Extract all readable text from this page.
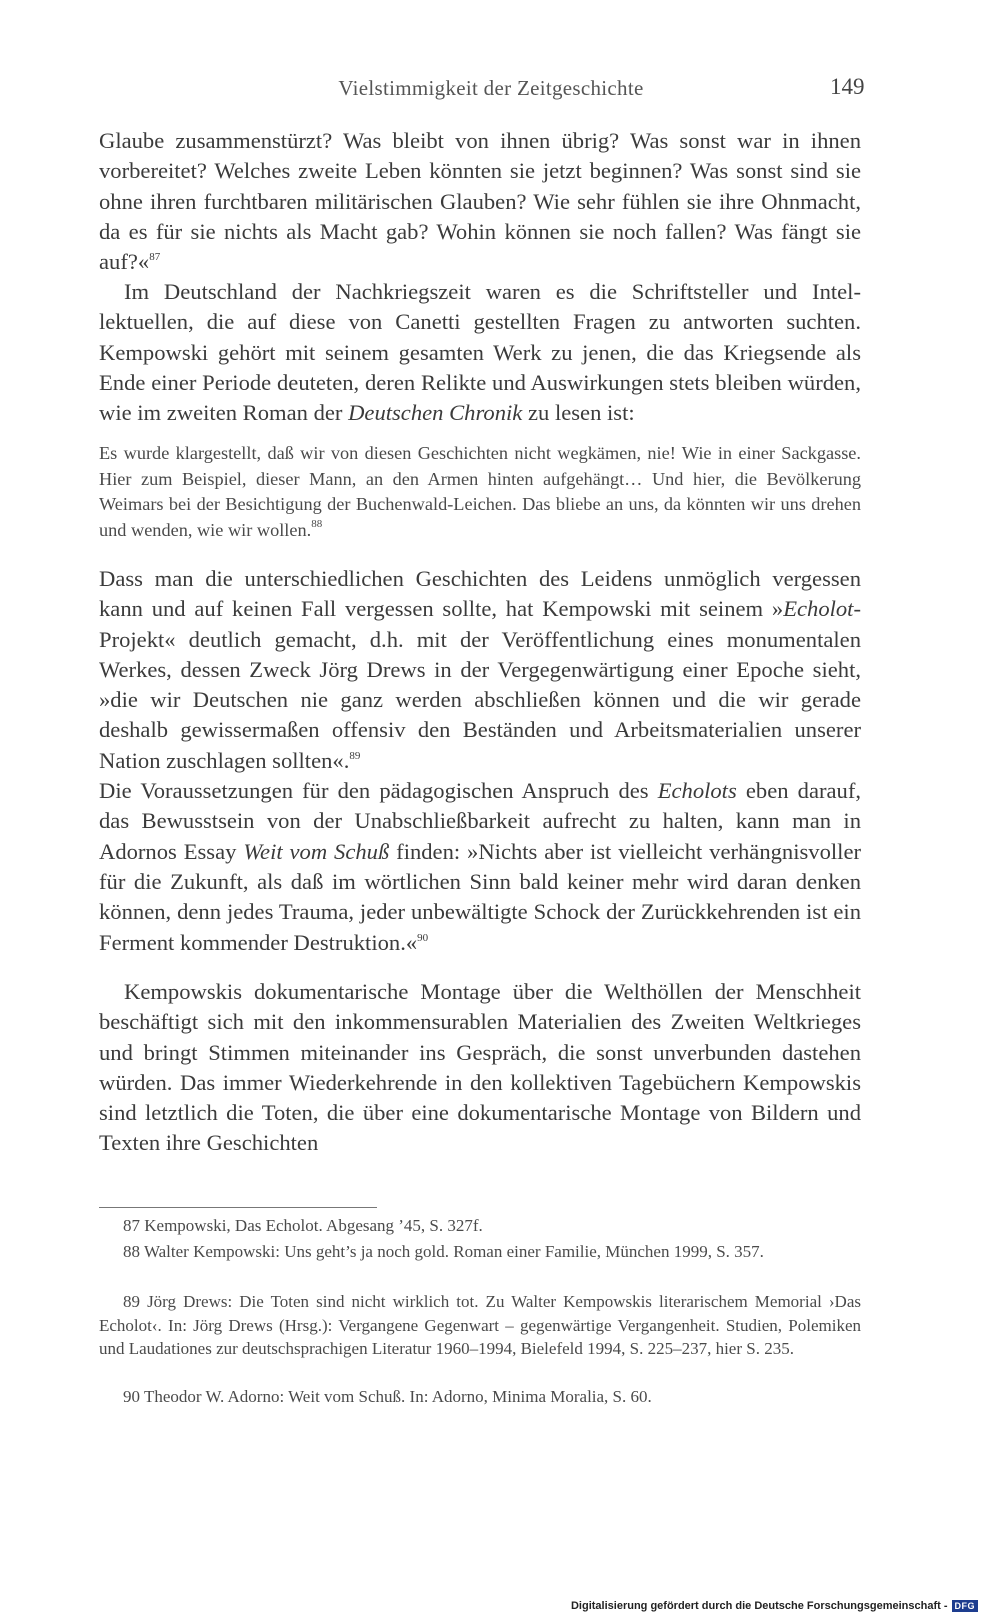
Vielstimmigkeit der Zeitgeschichte	149

Glaube zusammenstürzt? Was bleibt von ihnen übrig? Was sonst war in ihnen vorbereitet? Welches zweite Leben könnten sie jetzt beginnen? Was sonst sind sie ohne ihren furchtbaren militärischen Glauben? Wie sehr fühlen sie ihre Ohnmacht, da es für sie nichts als Macht gab? Wohin können sie noch fallen? Was fängt sie auf?«$^{87}$

Im Deutschland der Nachkriegszeit waren es die Schriftsteller und Intellektuellen, die auf diese von Canetti gestellten Fragen zu antworten suchten. Kempowski gehört mit seinem gesamten Werk zu jenen, die das Kriegsende als Ende einer Periode deuteten, deren Relikte und Auswirkungen stets bleiben würden, wie im zweiten Roman der Deutschen Chronik zu lesen ist:

Es wurde klargestellt, daß wir von diesen Geschichten nicht wegkämen, nie! Wie in einer Sackgasse. Hier zum Beispiel, dieser Mann, an den Armen hinten aufgehängt… Und hier, die Bevölkerung Weimars bei der Besichtigung der Buchenwald-Leichen. Das bliebe an uns, da könnten wir uns drehen und wenden, wie wir wollen.$^{88}$

Dass man die unterschiedlichen Geschichten des Leidens unmöglich vergessen kann und auf keinen Fall vergessen sollte, hat Kempowski mit seinem »Echolot-Projekt« deutlich gemacht, d.h. mit der Veröffentlichung eines monumentalen Werkes, dessen Zweck Jörg Drews in der Vergegenwärtigung einer Epoche sieht, »die wir Deutschen nie ganz werden abschließen können und die wir gerade deshalb gewissermaßen offensiv den Beständen und Arbeitsmaterialien unserer Nation zuschlagen sollten«.$^{89}$
Die Voraussetzungen für den pädagogischen Anspruch des Echolots eben darauf, das Bewusstsein von der Unabschließbarkeit aufrecht zu halten, kann man in Adornos Essay Weit vom Schuß finden: »Nichts aber ist vielleicht verhängnisvoller für die Zukunft, als daß im wörtlichen Sinn bald keiner mehr wird daran denken können, denn jedes Trauma, jeder unbewältigte Schock der Zurückkehrenden ist ein Ferment kommender Destruktion.«$^{90}$

Kempowskis dokumentarische Montage über die Welthöllen der Menschheit beschäftigt sich mit den inkommensurablen Materialien des Zweiten Weltkrieges und bringt Stimmen miteinander ins Gespräch, die sonst unverbunden dastehen würden. Das immer Wiederkehrende in den kollektiven Tagebüchern Kempowskis sind letztlich die Toten, die über eine dokumentarische Montage von Bildern und Texten ihre Geschichten

87 Kempowski, Das Echolot. Abgesang ’45, S. 327f.

88 Walter Kempowski: Uns geht’s ja noch gold. Roman einer Familie, München 1999, S. 357.

89 Jörg Drews: Die Toten sind nicht wirklich tot. Zu Walter Kempowskis literarischem Memorial ›Das Echolot‹. In: Jörg Drews (Hrsg.): Vergangene Gegenwart – gegenwärtige Vergangenheit. Studien, Polemiken und Laudationes zur deutschsprachigen Literatur 1960–1994, Bielefeld 1994, S. 225–237, hier S. 235.

90 Theodor W. Adorno: Weit vom Schuß. In: Adorno, Minima Moralia, S. 60.

Digitalisierung gefördert durch die Deutsche Forschungsgemeinschaft - DFG
